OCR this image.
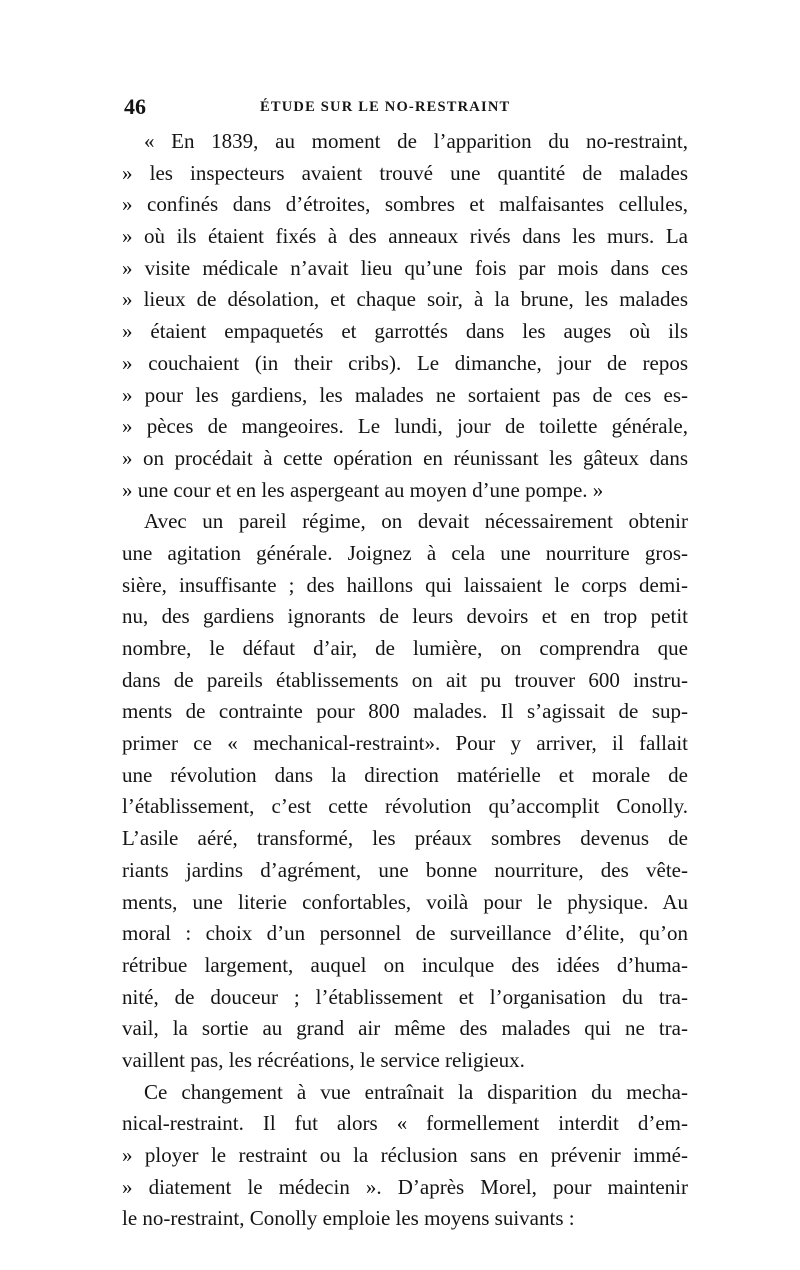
46	ÉTUDE SUR LE NO-RESTRAINT
« En 1839, au moment de l’apparition du no-restraint,
» les inspecteurs avaient trouvé une quantité de malades
» confinés dans d’étroites, sombres et malfaisantes cellules,
» où ils étaient fixés à des anneaux rivés dans les murs. La
» visite médicale n’avait lieu qu’une fois par mois dans ces
» lieux de désolation, et chaque soir, à la brune, les malades
» étaient empaquetés et garrottés dans les auges où ils
» couchaient (in their cribs). Le dimanche, jour de repos
» pour les gardiens, les malades ne sortaient pas de ces es-
» pèces de mangeoires. Le lundi, jour de toilette générale,
» on procédait à cette opération en réunissant les gâteux dans
» une cour et en les aspergeant au moyen d’une pompe. »
Avec un pareil régime, on devait nécessairement obtenir
une agitation générale. Joignez à cela une nourriture gros-
sière, insuffisante ; des haillons qui laissaient le corps demi-
nu, des gardiens ignorants de leurs devoirs et en trop petit
nombre, le défaut d’air, de lumière, on comprendra que
dans de pareils établissements on ait pu trouver 600 instru-
ments de contrainte pour 800 malades. Il s’agissait de sup-
primer ce « mechanical-restraint». Pour y arriver, il fallait
une révolution dans la direction matérielle et morale de
l’établissement, c’est cette révolution qu’accomplit Conolly.
L’asile aéré, transformé, les préaux sombres devenus de
riants jardins d’agrément, une bonne nourriture, des vête-
ments, une literie confortables, voilà pour le physique. Au
moral : choix d’un personnel de surveillance d’élite, qu’on
rétribue largement, auquel on inculque des idées d’huma-
nité, de douceur ; l’établissement et l’organisation du tra-
vail, la sortie au grand air même des malades qui ne tra-
vaillent pas, les récréations, le service religieux.
Ce changement à vue entraînait la disparition du mecha-
nical-restraint. Il fut alors « formellement interdit d’em-
» ployer le restraint ou la réclusion sans en prévenir immé-
» diatement le médecin ». D’après Morel, pour maintenir
le no-restraint, Conolly emploie les moyens suivants :
